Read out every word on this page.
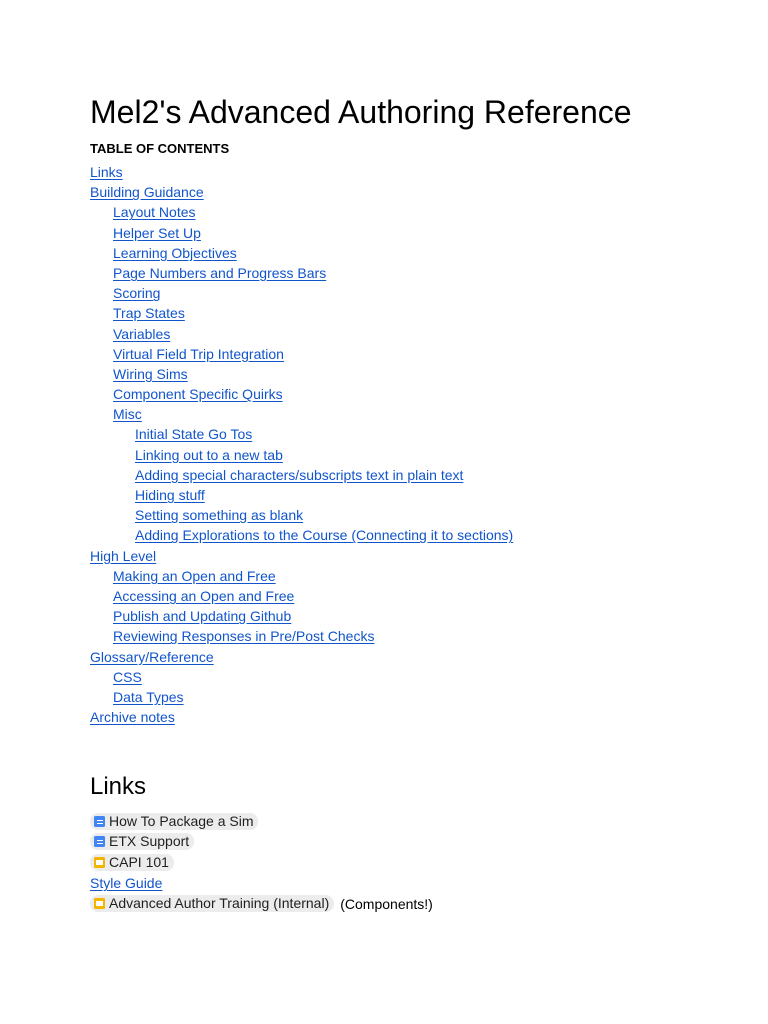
Mel2's Advanced Authoring Reference
TABLE OF CONTENTS
Links
Building Guidance
Layout Notes
Helper Set Up
Learning Objectives
Page Numbers and Progress Bars
Scoring
Trap States
Variables
Virtual Field Trip Integration
Wiring Sims
Component Specific Quirks
Misc
Initial State Go Tos
Linking out to a new tab
Adding special characters/subscripts text in plain text
Hiding stuff
Setting something as blank
Adding Explorations to the Course (Connecting it to sections)
High Level
Making an Open and Free
Accessing an Open and Free
Publish and Updating Github
Reviewing Responses in Pre/Post Checks
Glossary/Reference
CSS
Data Types
Archive notes
Links
How To Package a Sim
ETX Support
CAPI 101
Style Guide
Advanced Author Training (Internal) (Components!)
